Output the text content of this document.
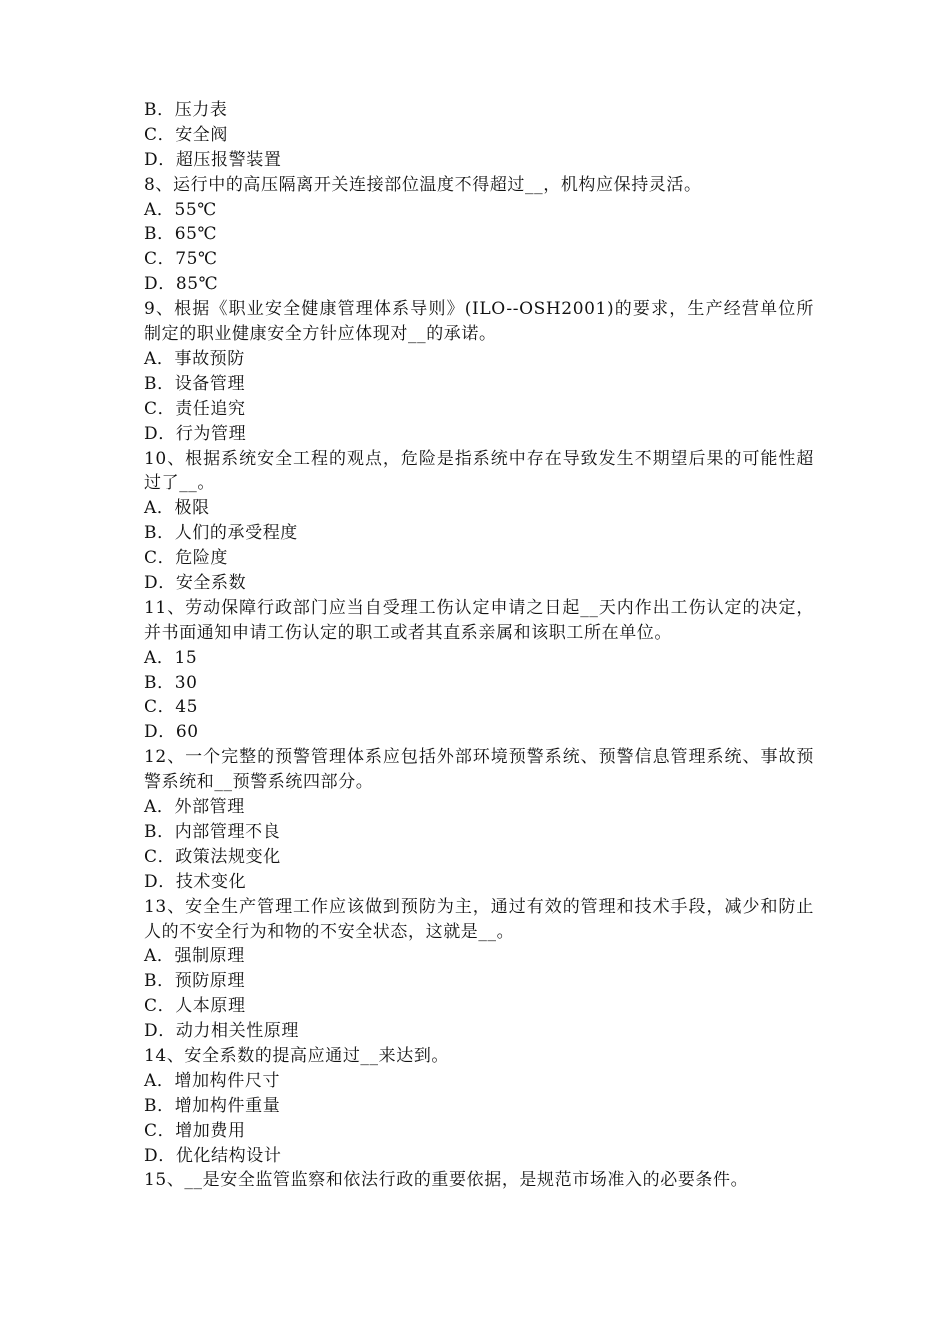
B．压力表
C．安全阀
D．超压报警装置
8、运行中的高压隔离开关连接部位温度不得超过__，机构应保持灵活。
A．55℃
B．65℃
C．75℃
D．85℃
9、根据《职业安全健康管理体系导则》(ILO--OSH2001)的要求，生产经营单位所制定的职业健康安全方针应体现对__的承诺。
A．事故预防
B．设备管理
C．责任追究
D．行为管理
10、根据系统安全工程的观点，危险是指系统中存在导致发生不期望后果的可能性超过了__。
A．极限
B．人们的承受程度
C．危险度
D．安全系数
11、劳动保障行政部门应当自受理工伤认定申请之日起__天内作出工伤认定的决定，并书面通知申请工伤认定的职工或者其直系亲属和该职工所在单位。
A．15
B．30
C．45
D．60
12、一个完整的预警管理体系应包括外部环境预警系统、预警信息管理系统、事故预警系统和__预警系统四部分。
A．外部管理
B．内部管理不良
C．政策法规变化
D．技术变化
13、安全生产管理工作应该做到预防为主，通过有效的管理和技术手段，减少和防止人的不安全行为和物的不安全状态，这就是__。
A．强制原理
B．预防原理
C．人本原理
D．动力相关性原理
14、安全系数的提高应通过__来达到。
A．增加构件尺寸
B．增加构件重量
C．增加费用
D．优化结构设计
15、__是安全监管监察和依法行政的重要依据，是规范市场准入的必要条件。
